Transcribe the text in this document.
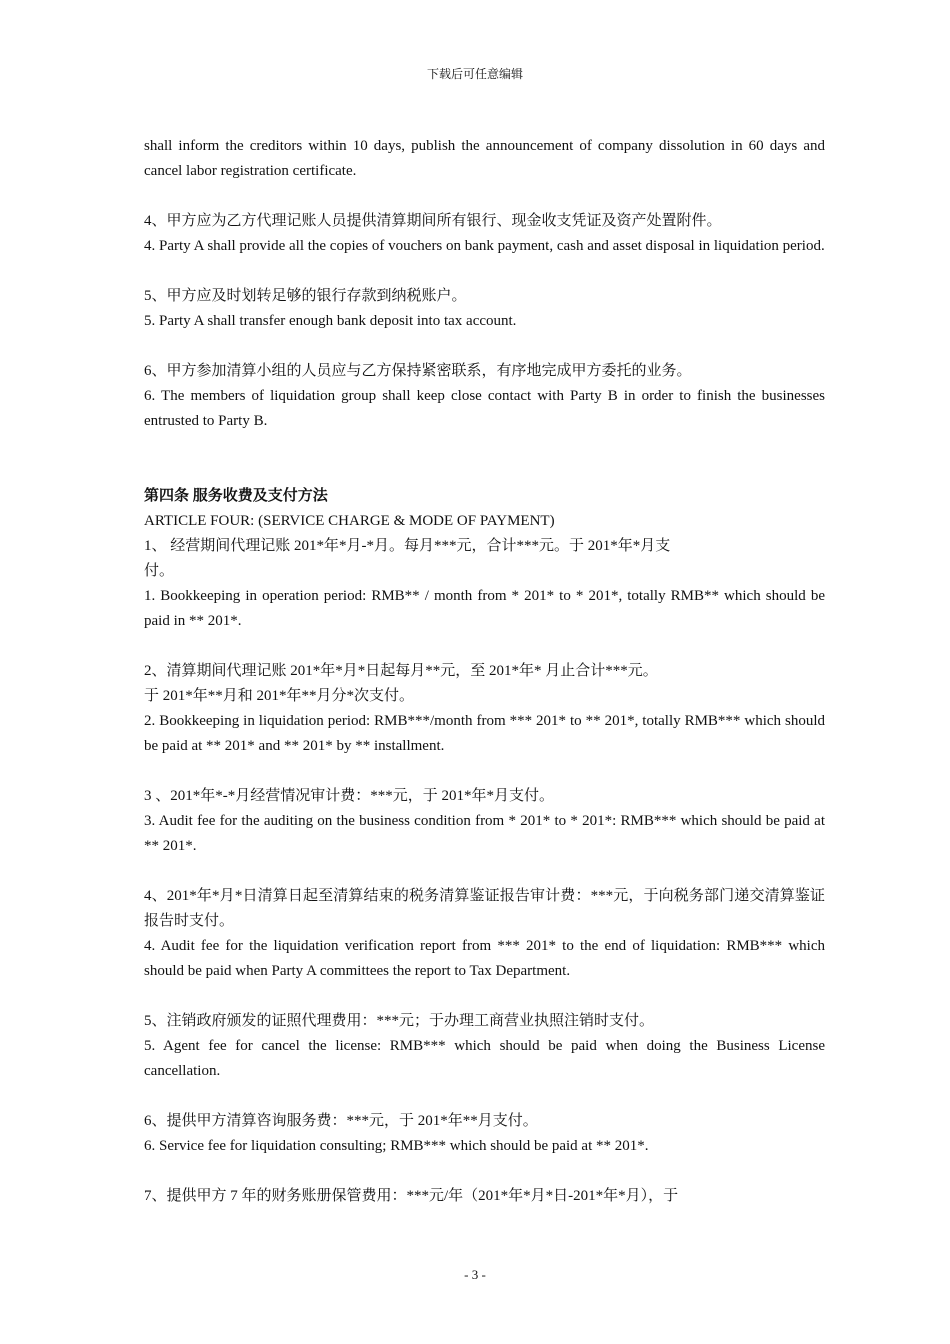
下载后可任意编辑

shall inform the creditors within 10 days, publish the announcement of company dissolution in 60 days and cancel labor registration certificate.

4、甲方应为乙方代理记账人员提供清算期间所有银行、现金收支凭证及资产处置附件。

4. Party A shall provide all the copies of vouchers on bank payment, cash and asset disposal in liquidation period.

5、甲方应及时划转足够的银行存款到纳税账户。

5. Party A shall transfer enough bank deposit into tax account.

6、甲方参加清算小组的人员应与乙方保持紧密联系，有序地完成甲方委托的业务。

6. The members of liquidation group shall keep close contact with Party B in order to finish the businesses entrusted to Party B.

第四条 服务收费及支付方法

ARTICLE FOUR: (SERVICE CHARGE & MODE OF PAYMENT)

1、 经营期间代理记账 201*年*月-*月。每月***元，合计***元。于 201*年*月支

付。

1. Bookkeeping in operation period: RMB** / month from * 201* to * 201*, totally RMB** which should be paid in ** 201*.

2、清算期间代理记账 201*年*月*日起每月**元，至 201*年* 月止合计***元。

于 201*年**月和 201*年**月分*次支付。

2. Bookkeeping in liquidation period: RMB***/month from *** 201* to ** 201*, totally RMB*** which should be paid at ** 201* and ** 201* by ** installment.

3 、201*年*-*月经营情况审计费：***元，于 201*年*月支付。

3. Audit fee for the auditing on the business condition from * 201* to * 201*: RMB*** which should be paid at ** 201*.

4、201*年*月*日清算日起至清算结束的税务清算鉴证报告审计费：***元，于向税务部门递交清算鉴证报告时支付。

4. Audit fee for the liquidation verification report from *** 201* to the end of liquidation: RMB*** which should be paid when Party A committees the report to Tax Department.

5、注销政府颁发的证照代理费用：***元；于办理工商营业执照注销时支付。

5. Agent fee for cancel the license: RMB*** which should be paid when doing the Business License cancellation.

6、提供甲方清算咨询服务费：***元，于 201*年**月支付。

6. Service fee for liquidation consulting; RMB*** which should be paid at ** 201*.

7、提供甲方 7 年的财务账册保管费用：***元/年（201*年*月*日-201*年*月），于

- 3 -
